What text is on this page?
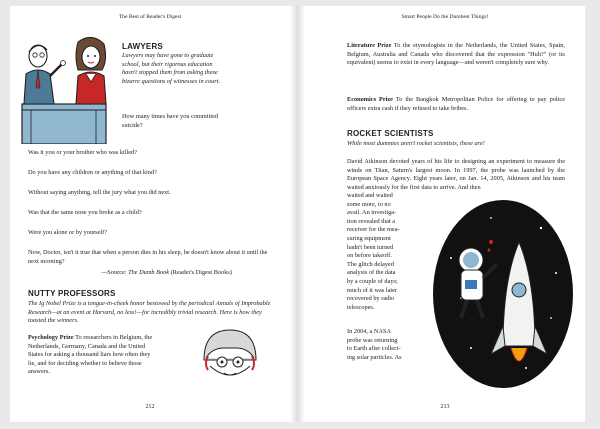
The Best of Reader's Digest
LAWYERS
Lawyers may have gone to graduate school, but their rigorous education hasn't stopped them from asking these bizarre questions of witnesses in court.
How many times have you committed suicide?
Was it you or your brother who was killed?
Do you have any children or anything of that kind?
Without saying anything, tell the jury what you did next.
Was that the same nose you broke as a child?
Were you alone or by yourself?
Now, Doctor, isn't it true that when a person dies in his sleep, he doesn't know about it until the next morning?
—Source: The Dumb Book (Reader's Digest Books)
NUTTY PROFESSORS
The Ig Nobel Prize is a tongue-in-cheek honor bestowed by the periodical Annals of Improbable Research—at an event at Harvard, no less!—for incredibly trivial research. Here is how they toasted the winners.
Psychology Prize To researchers in Belgium, the Netherlands, Germany, Canada and the United States for asking a thousand liars how often they lie, and for deciding whether to believe those answers.
212
Smart People Do the Dumbest Things!
Literature Prize To the etymologists in the Netherlands, the United States, Spain, Belgium, Australia and Canada who discovered that the expression "Huh?" (or its equivalent) seems to exist in every language—and weren't completely sure why.
Economics Prize To the Bangkok Metropolitan Police for offering to pay police officers extra cash if they refused to take bribes.
ROCKET SCIENTISTS
While most dummies aren't rocket scientists, these are!
David Atkinson devoted years of his life to designing an experiment to measure the winds on Titan, Saturn's largest moon. In 1997, the probe was launched by the European Space Agency. Eight years later, on Jan. 14, 2005, Atkinson and his team waited anxiously for the first data to arrive. And then
waited and waited
some more, to no
avail. An investiga-
tion revealed that a
receiver for the mea-
suring equipment
hadn't been turned
on before takeoff.
The glitch delayed
analysis of the data
by a couple of days;
much of it was later
recovered by radio
telescopes.
In 2004, a NASA
probe was returning
to Earth after collect-
ing solar particles. As
213
